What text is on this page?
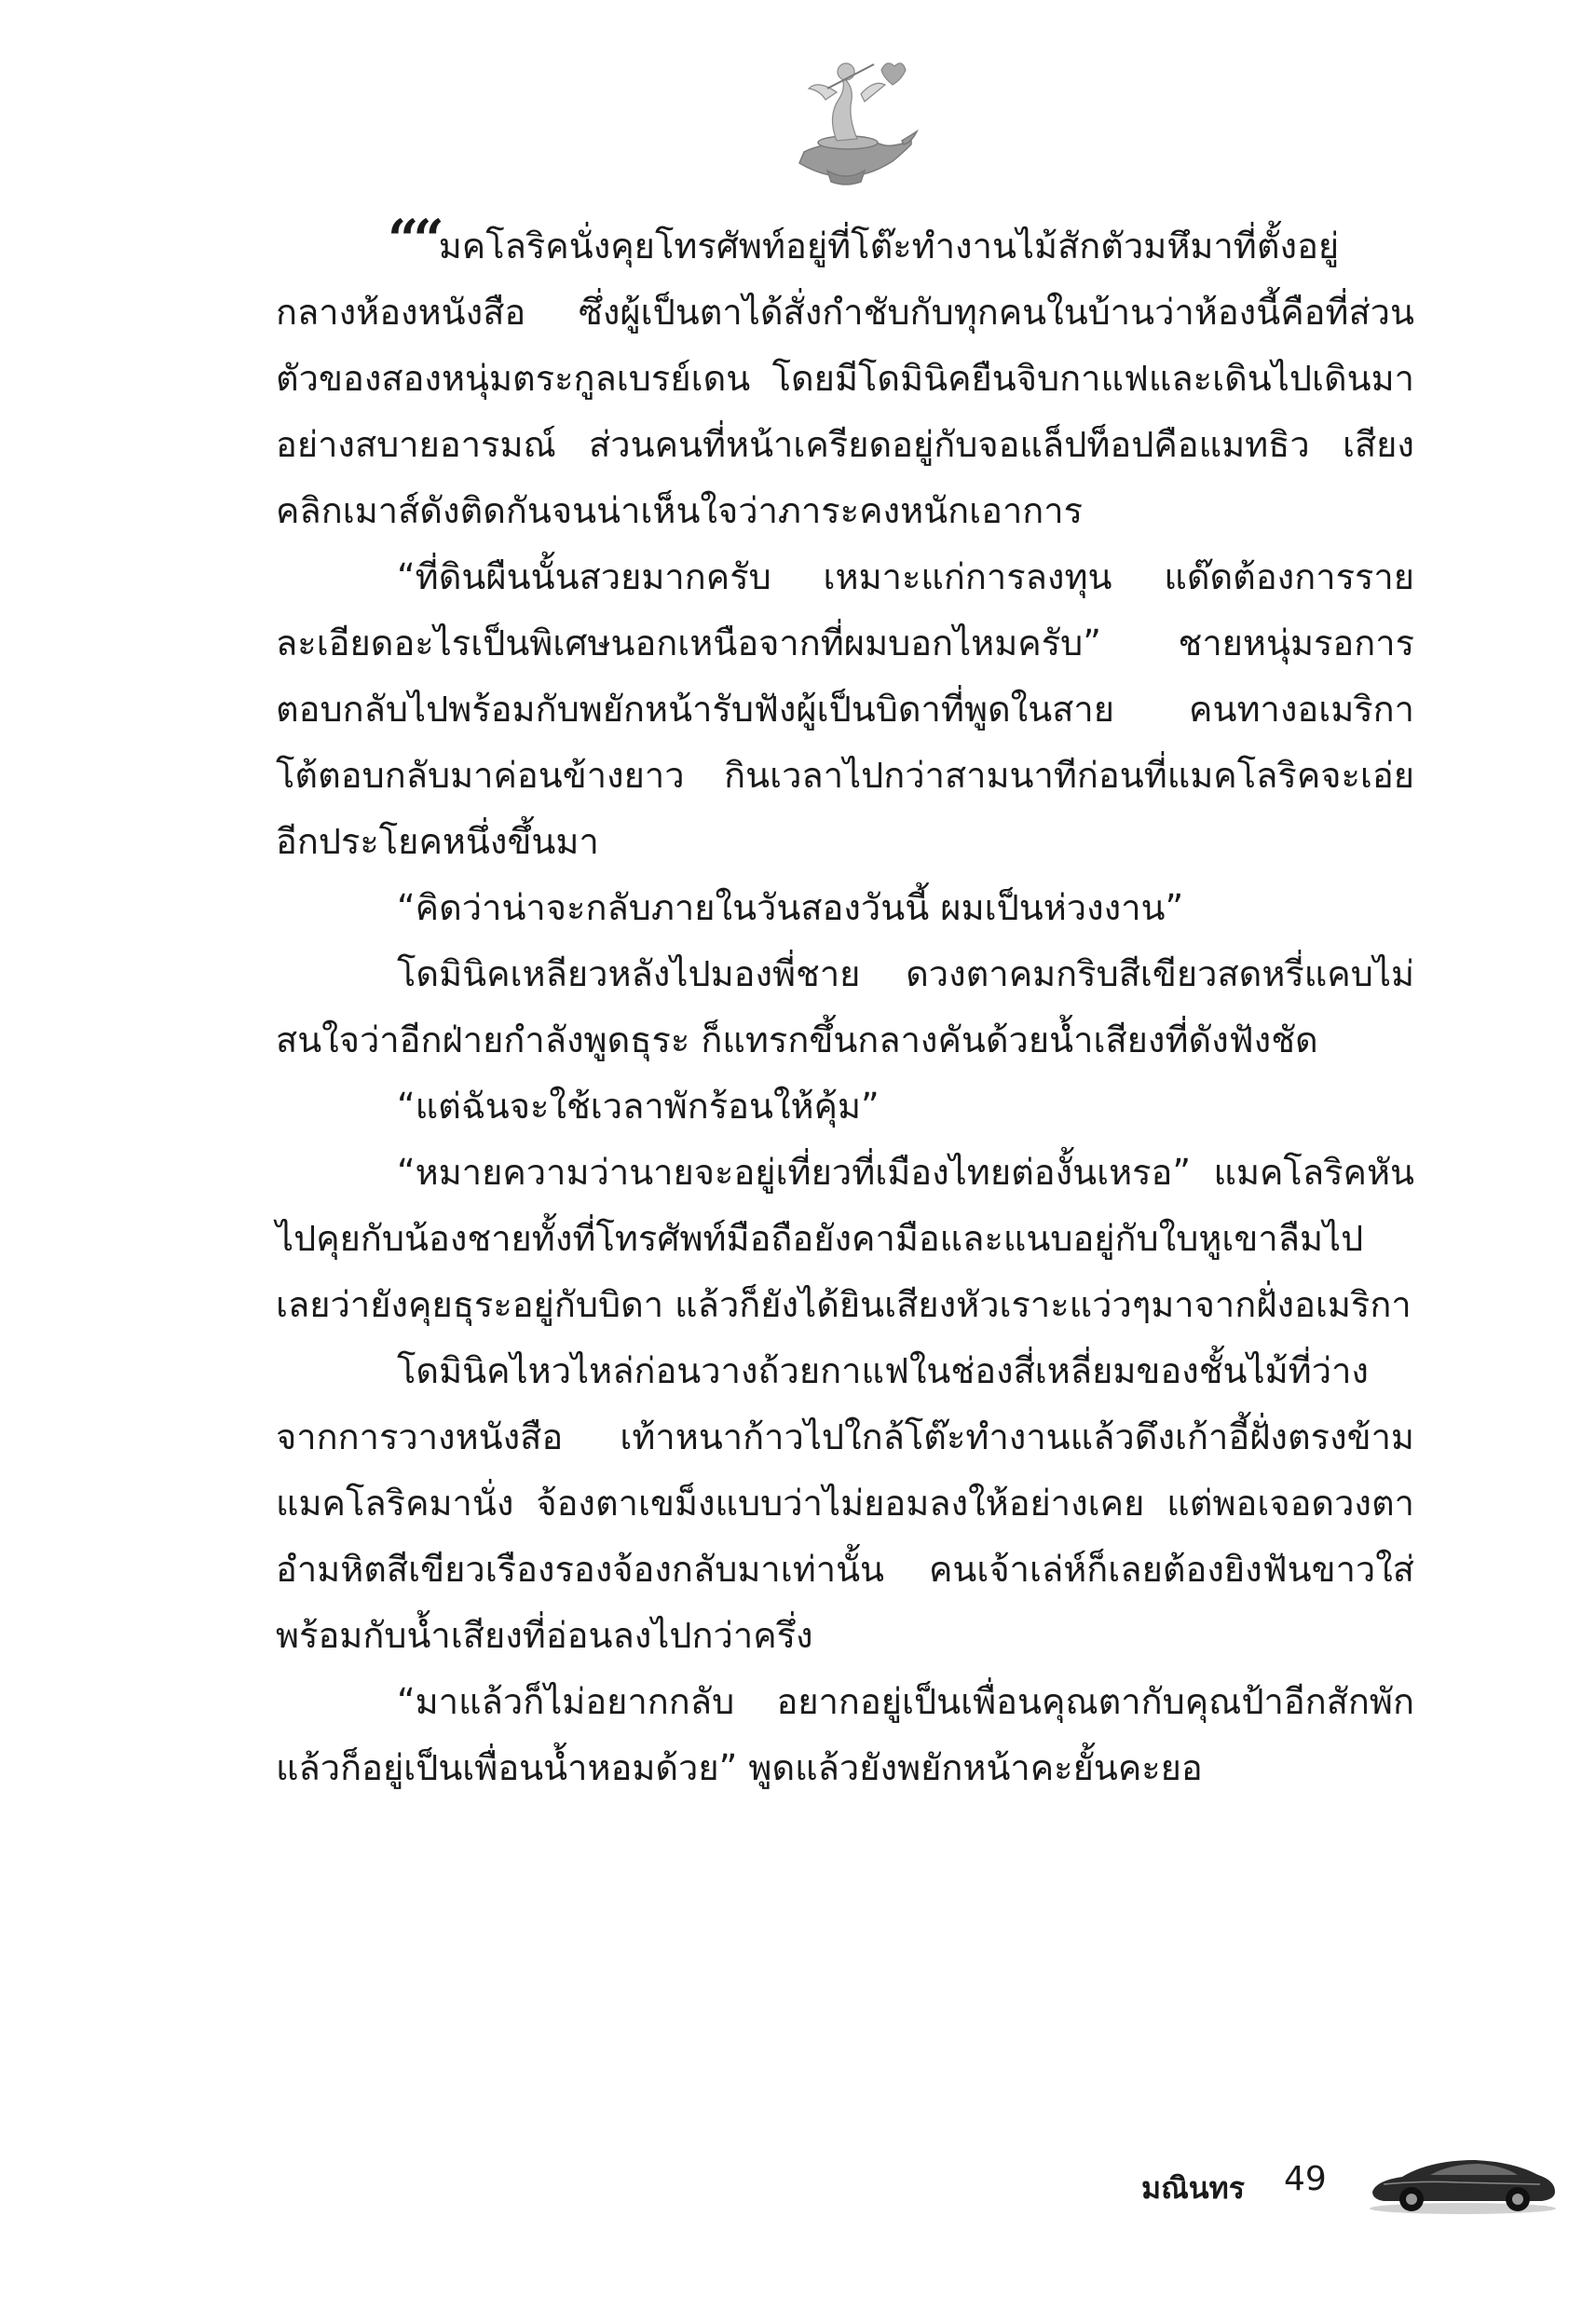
““มคโลริคนั่งคุยโทรศัพท์อยู่ที่โต๊ะทำงานไม้สักตัวมหึมาที่ตั้งอยู่กลางห้องหนังสือ ซึ่งผู้เป็นตาได้สั่งกำชับกับทุกคนในบ้านว่าห้องนี้คือที่ส่วนตัวของสองหนุ่มตระกูลเบรย์เดน โดยมีโดมินิคยืนจิบกาแฟและเดินไปเดินมาอย่างสบายอารมณ์ ส่วนคนที่หน้าเครียดอยู่กับจอแล็ปท็อปคือแมทธิว เสียงคลิกเมาส์ดังติดกันจนน่าเห็นใจว่าภาระคงหนักเอาการ

“ที่ดินผืนนั้นสวยมากครับ เหมาะแก่การลงทุน แด๊ดต้องการรายละเอียดอะไรเป็นพิเศษนอกเหนือจากที่ผมบอกไหมครับ” ชายหนุ่มรอการตอบกลับไปพร้อมกับพยักหน้ารับฟังผู้เป็นบิดาที่พูดในสาย คนทางอเมริกาโต้ตอบกลับมาค่อนข้างยาว กินเวลาไปกว่าสามนาทีก่อนที่แมคโลริคจะเอ่ยอีกประโยคหนึ่งขึ้นมา

“คิดว่าน่าจะกลับภายในวันสองวันนี้ ผมเป็นห่วงงาน”

โดมินิคเหลียวหลังไปมองพี่ชาย ดวงตาคมกริบสีเขียวสดหรี่แคบไม่สนใจว่าอีกฝ่ายกำลังพูดธุระ ก็แทรกขึ้นกลางคันด้วยน้ำเสียงที่ดังฟังชัด

“แต่ฉันจะใช้เวลาพักร้อนให้คุ้ม”

“หมายความว่านายจะอยู่เที่ยวที่เมืองไทยต่องั้นเหรอ” แมคโลริคหันไปคุยกับน้องชายทั้งที่โทรศัพท์มือถือยังคามือและแนบอยู่กับใบหูเขาลืมไปเลยว่ายังคุยธุระอยู่กับบิดา แล้วก็ยังได้ยินเสียงหัวเราะแว่วๆมาจากฝั่งอเมริกา

โดมินิคไหวไหล่ก่อนวางถ้วยกาแฟในช่องสี่เหลี่ยมของชั้นไม้ที่ว่างจากการวางหนังสือ เท้าหนาก้าวไปใกล้โต๊ะทำงานแล้วดึงเก้าอี้ฝั่งตรงข้ามแมคโลริคมานั่ง จ้องตาเขม็งแบบว่าไม่ยอมลงให้อย่างเคย แต่พอเจอดวงตาอำมหิตสีเขียวเรืองรองจ้องกลับมาเท่านั้น คนเจ้าเล่ห์ก็เลยต้องยิงฟันขาวใส่พร้อมกับน้ำเสียงที่อ่อนลงไปกว่าครึ่ง

“มาแล้วก็ไม่อยากกลับ อยากอยู่เป็นเพื่อนคุณตากับคุณป้าอีกสักพัก แล้วก็อยู่เป็นเพื่อนน้ำหอมด้วย” พูดแล้วยังพยักหน้าคะยั้นคะยอ

มณินทร 49
